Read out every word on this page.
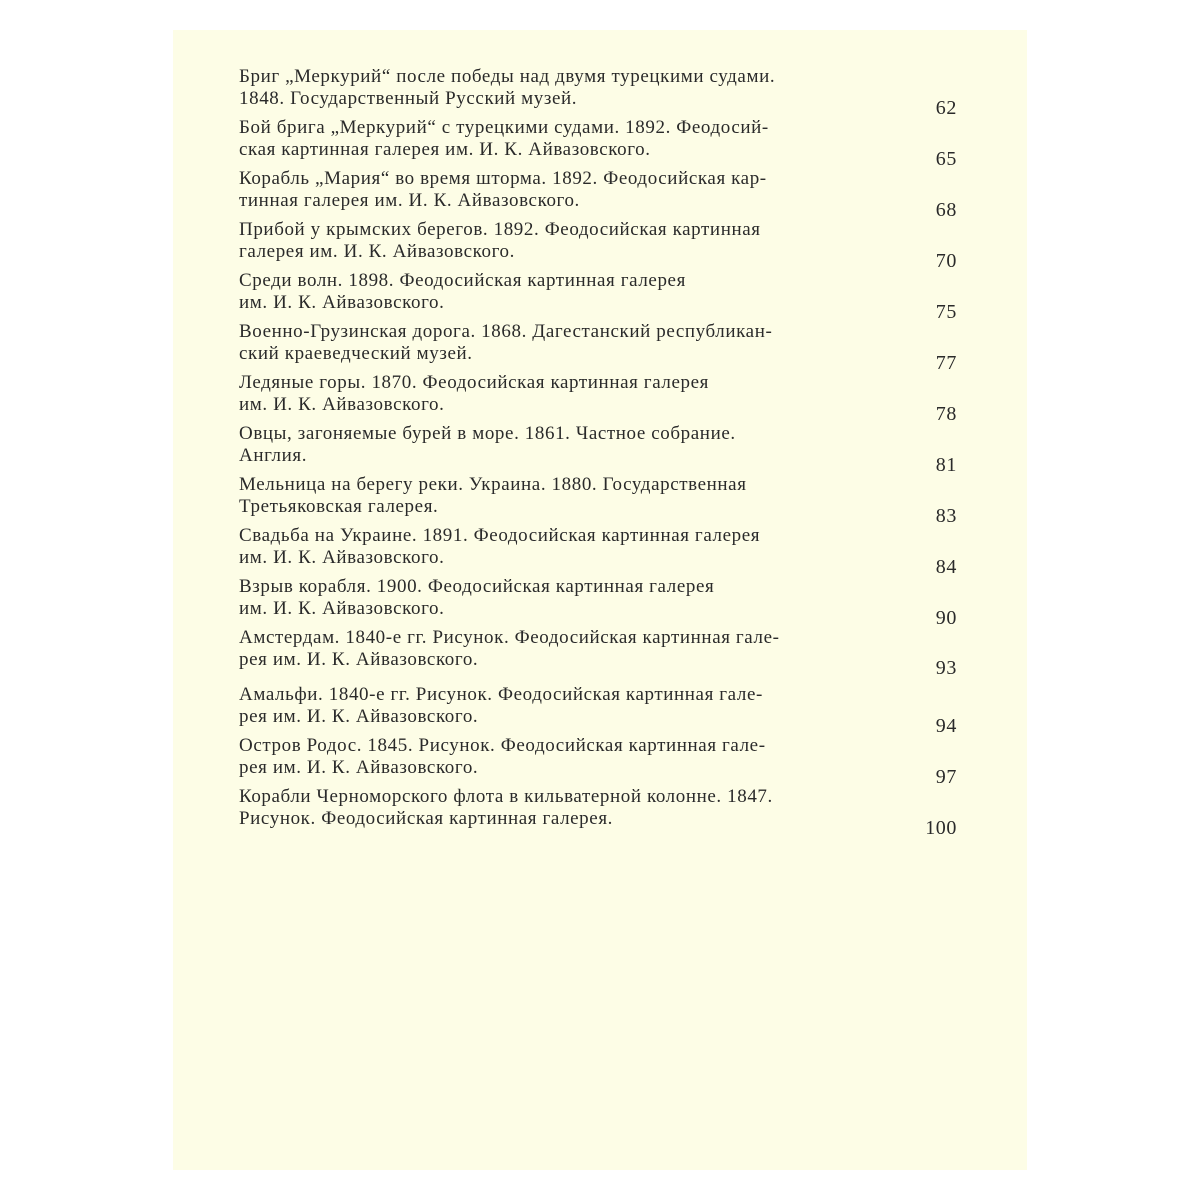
Бриг „Меркурий“ после победы над двумя турецкими судами.
1848. Государственный Русский музей.	62
Бой брига „Меркурий“ с турецкими судами. 1892. Феодосий-
ская картинная галерея им. И. К. Айвазовского.	65
Корабль „Мария“ во время шторма. 1892. Феодосийская кар-
тинная галерея им. И. К. Айвазовского.	68
Прибой у крымских берегов. 1892. Феодосийская картинная
галерея им. И. К. Айвазовского.	70
Среди волн. 1898. Феодосийская картинная галерея
им. И. К. Айвазовского.	75
Военно-Грузинская дорога. 1868. Дагестанский республикан-
ский краеведческий музей.	77
Ледяные горы. 1870. Феодосийская картинная галерея
им. И. К. Айвазовского.	78
Овцы, загоняемые бурей в море. 1861. Частное собрание.
Англия.	81
Мельница на берегу реки. Украина. 1880. Государственная
Третьяковская галерея.	83
Свадьба на Украине. 1891. Феодосийская картинная галерея
им. И. К. Айвазовского.	84
Взрыв корабля. 1900. Феодосийская картинная галерея
им. И. К. Айвазовского.	90
Амстердам. 1840-е гг. Рисунок. Феодосийская картинная гале-
рея им. И. К. Айвазовского.	93
Амальфи. 1840-е гг. Рисунок. Феодосийская картинная гале-
рея им. И. К. Айвазовского.	94
Остров Родос. 1845. Рисунок. Феодосийская картинная гале-
рея им. И. К. Айвазовского.	97
Корабли Черноморского флота в кильватерной колонне. 1847.
Рисунок. Феодосийская картинная галерея.	100
